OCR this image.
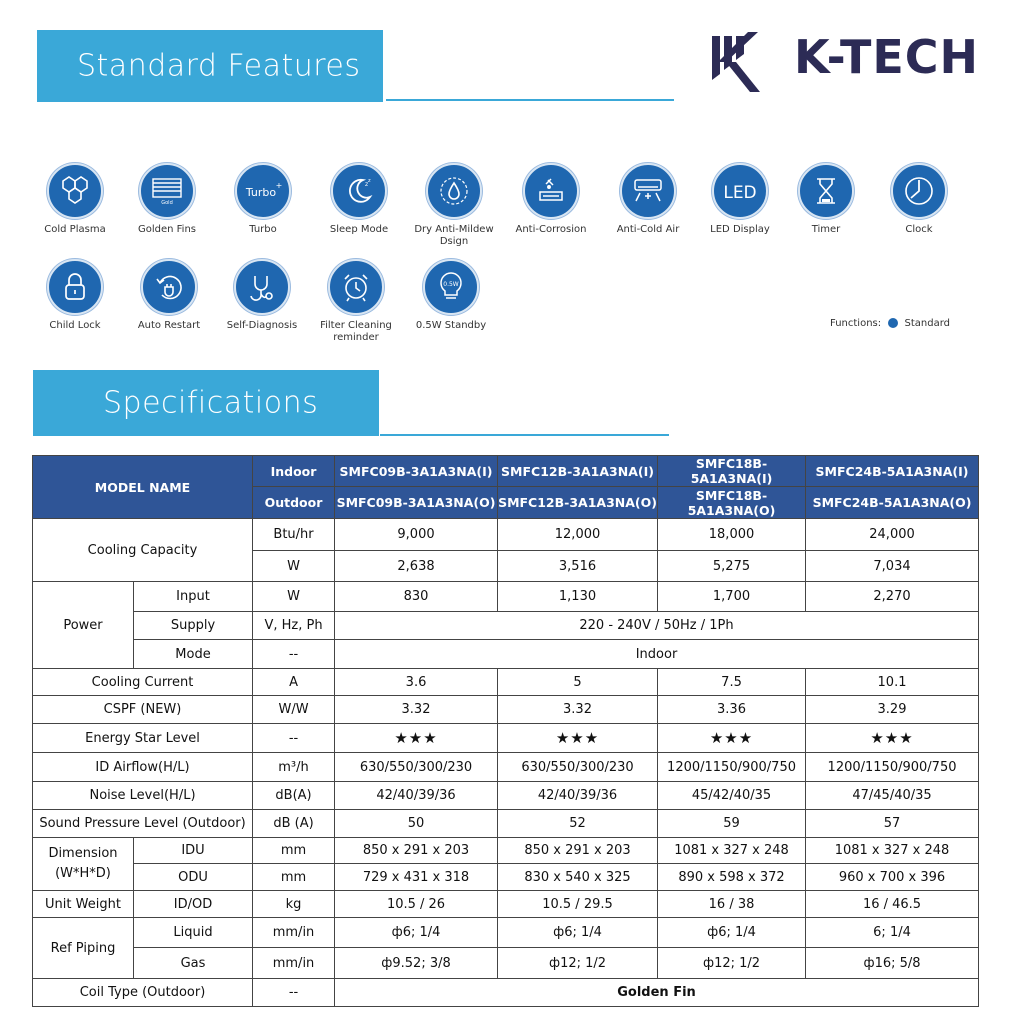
Standard Features	K-TECH
Cold Plasma
Gold
Golden Fins
Turbo
+
Turbo
z z
Sleep Mode	Dry Anti-Mildew Dsign
Anti-Corrosion	Anti-Cold Air
LED
LED Display	Timer	Clock
Child Lock	Auto Restart	Self-Diagnosis	Filter Cleaning reminder
0.5W
0.5W Standby	Functions: Standard
Specifications
MODEL NAME		Indoor	SMFC09B-3A1A3NA(I)	SMFC12B-3A1A3NA(I)	SMFC18B-5A1A3NA(I)	SMFC24B-5A1A3NA(I)
		Outdoor	SMFC09B-3A1A3NA(O)	SMFC12B-3A1A3NA(O)	SMFC18B-5A1A3NA(O)	SMFC24B-5A1A3NA(O)
Cooling Capacity		Btu/hr	9,000	12,000	18,000	24,000
		W	2,638	3,516	5,275	7,034
Power	Input	W	830	1,130	1,700	2,270
	Supply	V, Hz, Ph	220 - 240V / 50Hz / 1Ph			
	Mode	--	Indoor			
Cooling Current		A	3.6	5	7.5	10.1
CSPF (NEW)		W/W	3.32	3.32	3.36	3.29
Energy Star Level		--	★★★	★★★	★★★	★★★
ID Airflow(H/L)		m³/h	630/550/300/230	630/550/300/230	1200/1150/900/750	1200/1150/900/750
Noise Level(H/L)		dB(A)	42/40/39/36	42/40/39/36	45/42/40/35	47/45/40/35
Sound Pressure Level (Outdoor)		dB (A)	50	52	59	57
Dimension
(W*H*D)	IDU	mm	850 x 291 x 203	850 x 291 x 203	1081 x 327 x 248	1081 x 327 x 248
	ODU	mm	729 x 431 x 318	830 x 540 x 325	890 x 598 x 372	960 x 700 x 396
Unit Weight	ID/OD	kg	10.5 / 26	10.5 / 29.5	16 / 38	16 / 46.5
Ref Piping	Liquid	mm/in	ф6; 1/4	ф6; 1/4	ф6; 1/4	6; 1/4
	Gas	mm/in	ф9.52; 3/8	ф12; 1/2	ф12; 1/2	ф16; 5/8
Coil Type (Outdoor)		--	Golden Fin			
